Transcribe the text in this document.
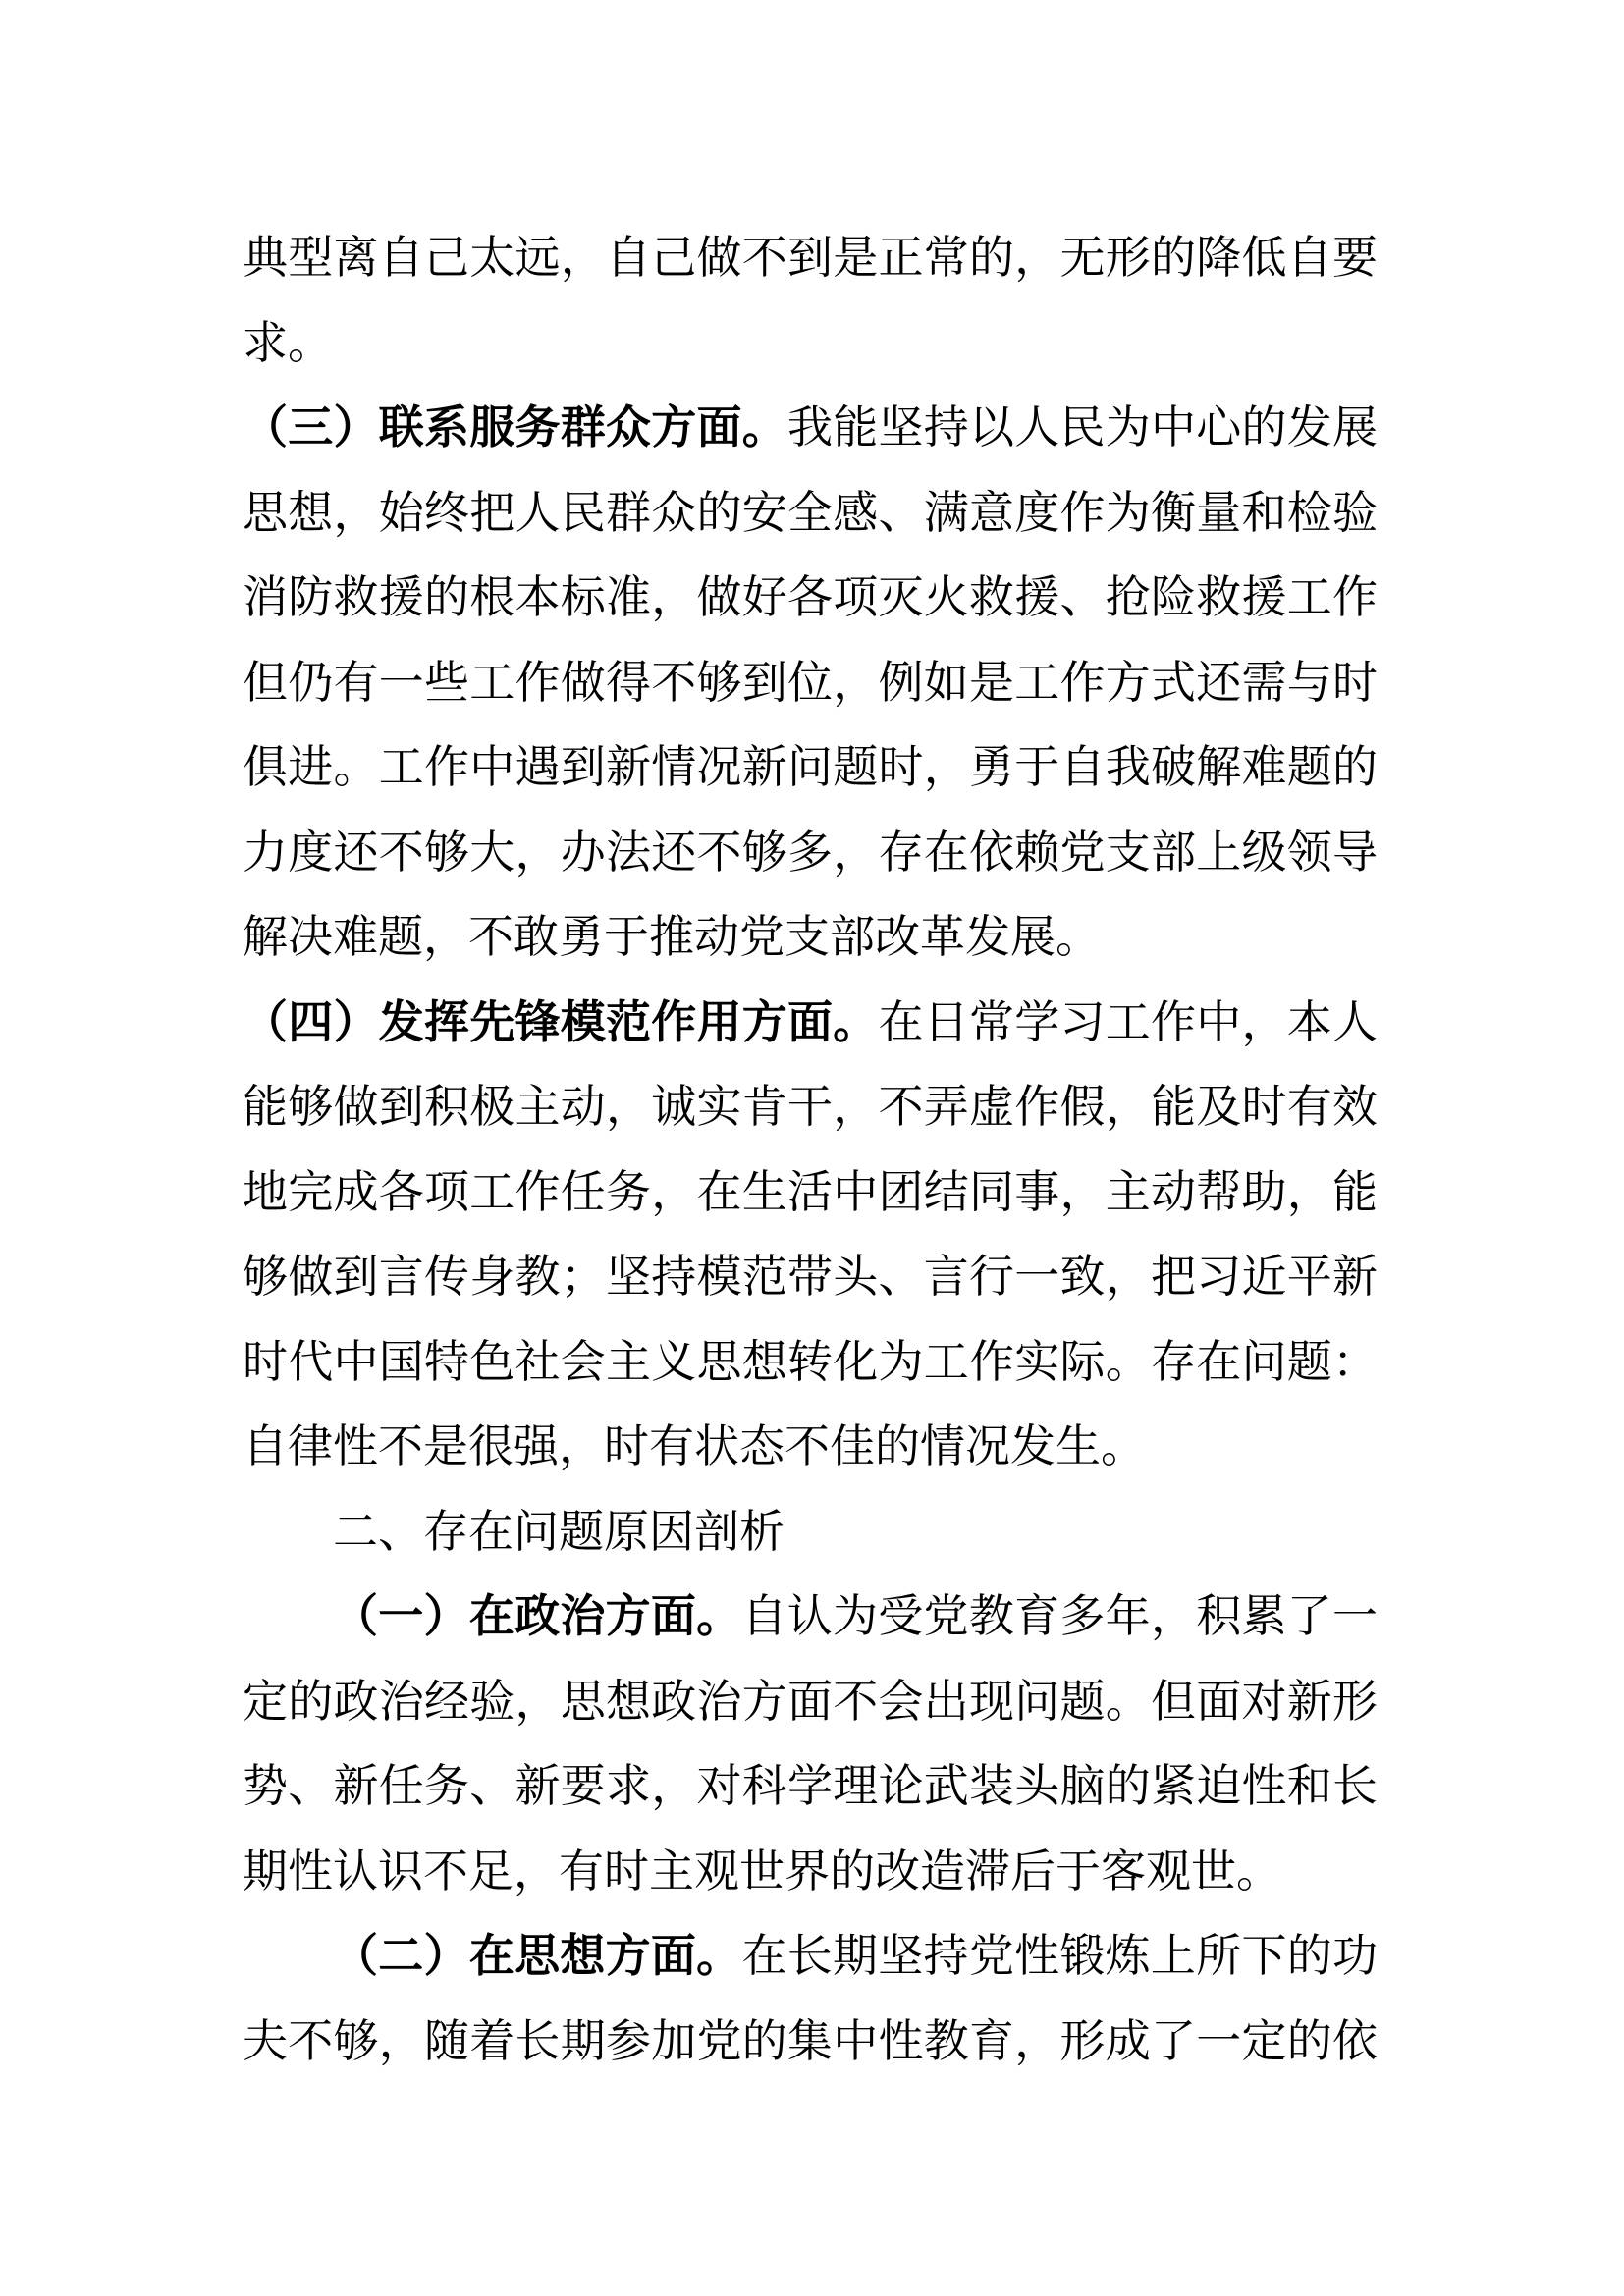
典型离自己太远，自己做不到是正常的，无形的降低自要
求。
（三）联系服务群众方面。我能坚持以人民为中心的发展
思想，始终把人民群众的安全感、满意度作为衡量和检验
消防救援的根本标准，做好各项灭火救援、抢险救援工作
但仍有一些工作做得不够到位，例如是工作方式还需与时
俱进。工作中遇到新情况新问题时，勇于自我破解难题的
力度还不够大，办法还不够多，存在依赖党支部上级领导
解决难题，不敢勇于推动党支部改革发展。
（四）发挥先锋模范作用方面。在日常学习工作中，本人
能够做到积极主动，诚实肯干，不弄虚作假，能及时有效
地完成各项工作任务，在生活中团结同事，主动帮助，能
够做到言传身教；坚持模范带头、言行一致，把习近平新
时代中国特色社会主义思想转化为工作实际。存在问题：
自律性不是很强，时有状态不佳的情况发生。
二、存在问题原因剖析
（一）在政治方面。自认为受党教育多年，积累了一
定的政治经验，思想政治方面不会出现问题。但面对新形
势、新任务、新要求，对科学理论武装头脑的紧迫性和长
期性认识不足，有时主观世界的改造滞后于客观世。
（二）在思想方面。在长期坚持党性锻炼上所下的功
夫不够，随着长期参加党的集中性教育，形成了一定的依
